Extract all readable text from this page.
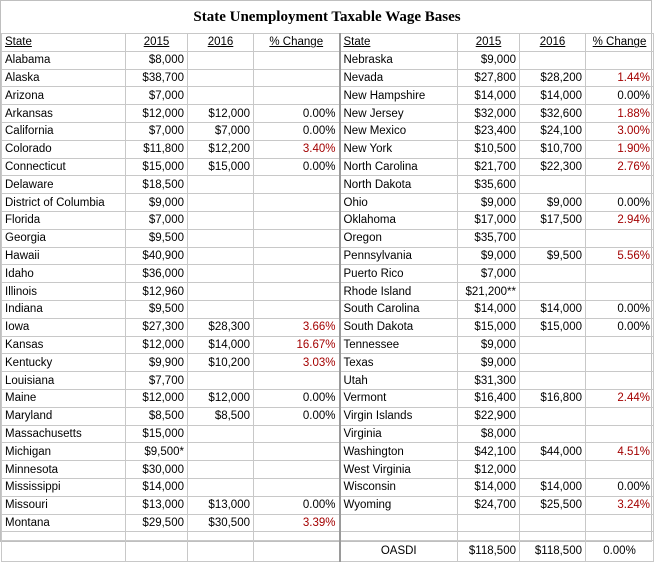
State Unemployment Taxable Wage Bases
State	2015	2016	% Change	State	2015	2016	% Change
Alabama	$8,000			Nebraska	$9,000		
Alaska	$38,700			Nevada	$27,800	$28,200	1.44%
Arizona	$7,000			New Hampshire	$14,000	$14,000	0.00%
Arkansas	$12,000	$12,000	0.00%	New Jersey	$32,000	$32,600	1.88%
California	$7,000	$7,000	0.00%	New Mexico	$23,400	$24,100	3.00%
Colorado	$11,800	$12,200	3.40%	New York	$10,500	$10,700	1.90%
Connecticut	$15,000	$15,000	0.00%	North Carolina	$21,700	$22,300	2.76%
Delaware	$18,500			North Dakota	$35,600		
District of Columbia	$9,000			Ohio	$9,000	$9,000	0.00%
Florida	$7,000			Oklahoma	$17,000	$17,500	2.94%
Georgia	$9,500			Oregon	$35,700		
Hawaii	$40,900			Pennsylvania	$9,000	$9,500	5.56%
Idaho	$36,000			Puerto Rico	$7,000		
Illinois	$12,960			Rhode Island	$21,200**		
Indiana	$9,500			South Carolina	$14,000	$14,000	0.00%
Iowa	$27,300	$28,300	3.66%	South Dakota	$15,000	$15,000	0.00%
Kansas	$12,000	$14,000	16.67%	Tennessee	$9,000		
Kentucky	$9,900	$10,200	3.03%	Texas	$9,000		
Louisiana	$7,700			Utah	$31,300		
Maine	$12,000	$12,000	0.00%	Vermont	$16,400	$16,800	2.44%
Maryland	$8,500	$8,500	0.00%	Virgin Islands	$22,900		
Massachusetts	$15,000			Virginia	$8,000		
Michigan	$9,500*			Washington	$42,100	$44,000	4.51%
Minnesota	$30,000			West Virginia	$12,000		
Mississippi	$14,000			Wisconsin	$14,000	$14,000	0.00%
Missouri	$13,000	$13,000	0.00%	Wyoming	$24,700	$25,500	3.24%
Montana	$29,500	$30,500	3.39%				

				OASDI	$118,500	$118,500	0.00%
